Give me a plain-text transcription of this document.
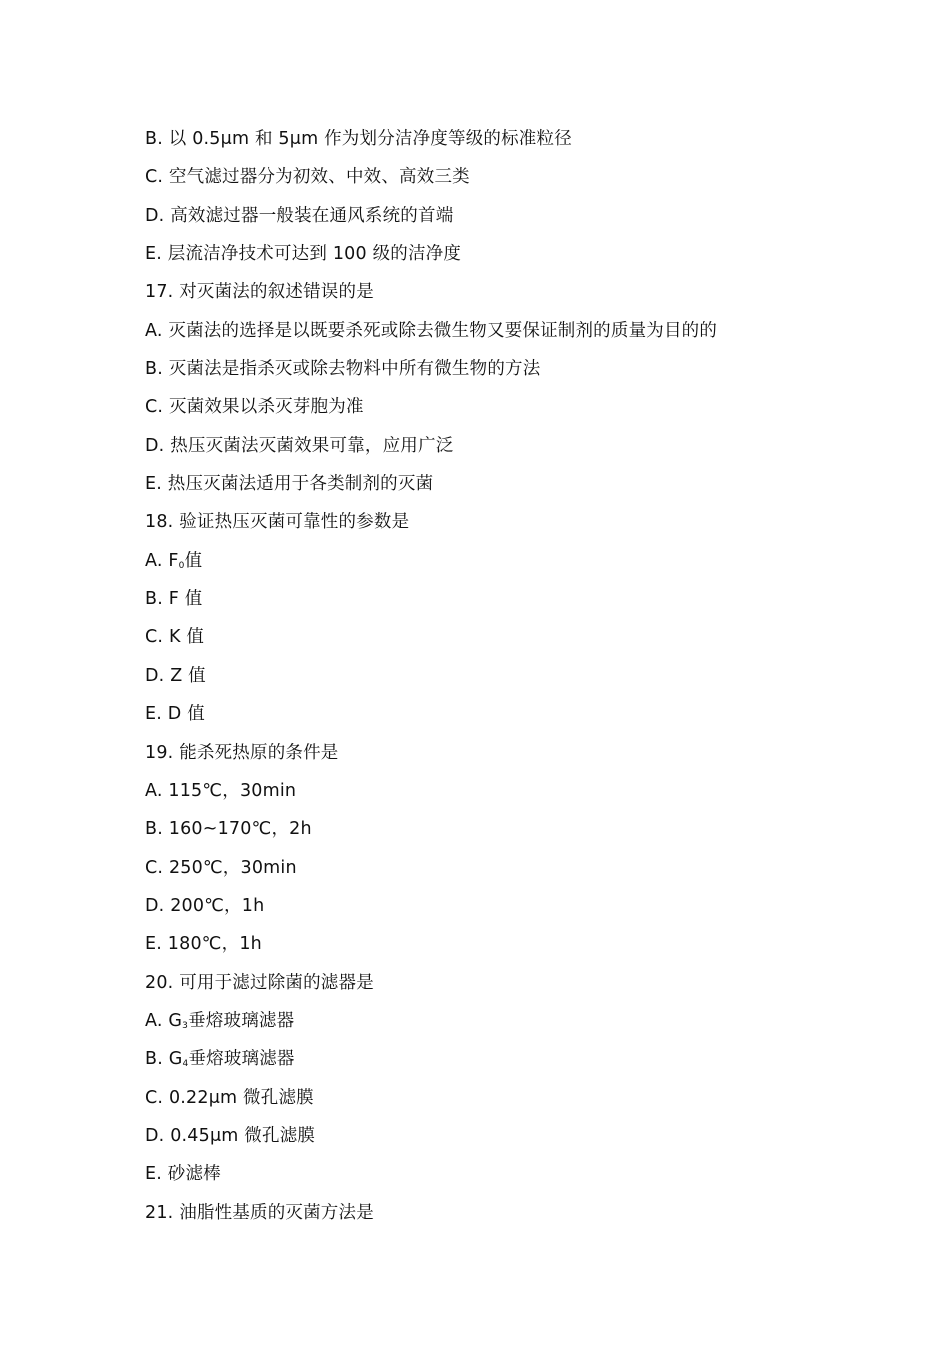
B. 以 0.5μm 和 5μm 作为划分洁净度等级的标准粒径
C. 空气滤过器分为初效、中效、高效三类
D. 高效滤过器一般装在通风系统的首端
E. 层流洁净技术可达到 100 级的洁净度
17. 对灭菌法的叙述错误的是
A. 灭菌法的选择是以既要杀死或除去微生物又要保证制剂的质量为目的的
B. 灭菌法是指杀灭或除去物料中所有微生物的方法
C. 灭菌效果以杀灭芽胞为准
D. 热压灭菌法灭菌效果可靠，应用广泛
E. 热压灭菌法适用于各类制剂的灭菌
18. 验证热压灭菌可靠性的参数是
A. $F_0$值
B. F 值
C. K 值
D. Z 值
E. D 值
19. 能杀死热原的条件是
A. 115℃，30min
B. 160~170℃，2h
C. 250℃，30min
D. 200℃，1h
E. 180℃，1h
20. 可用于滤过除菌的滤器是
A. $G_3$垂熔玻璃滤器
B. $G_4$垂熔玻璃滤器
C. 0.22μm 微孔滤膜
D. 0.45μm 微孔滤膜
E. 砂滤棒
21. 油脂性基质的灭菌方法是
